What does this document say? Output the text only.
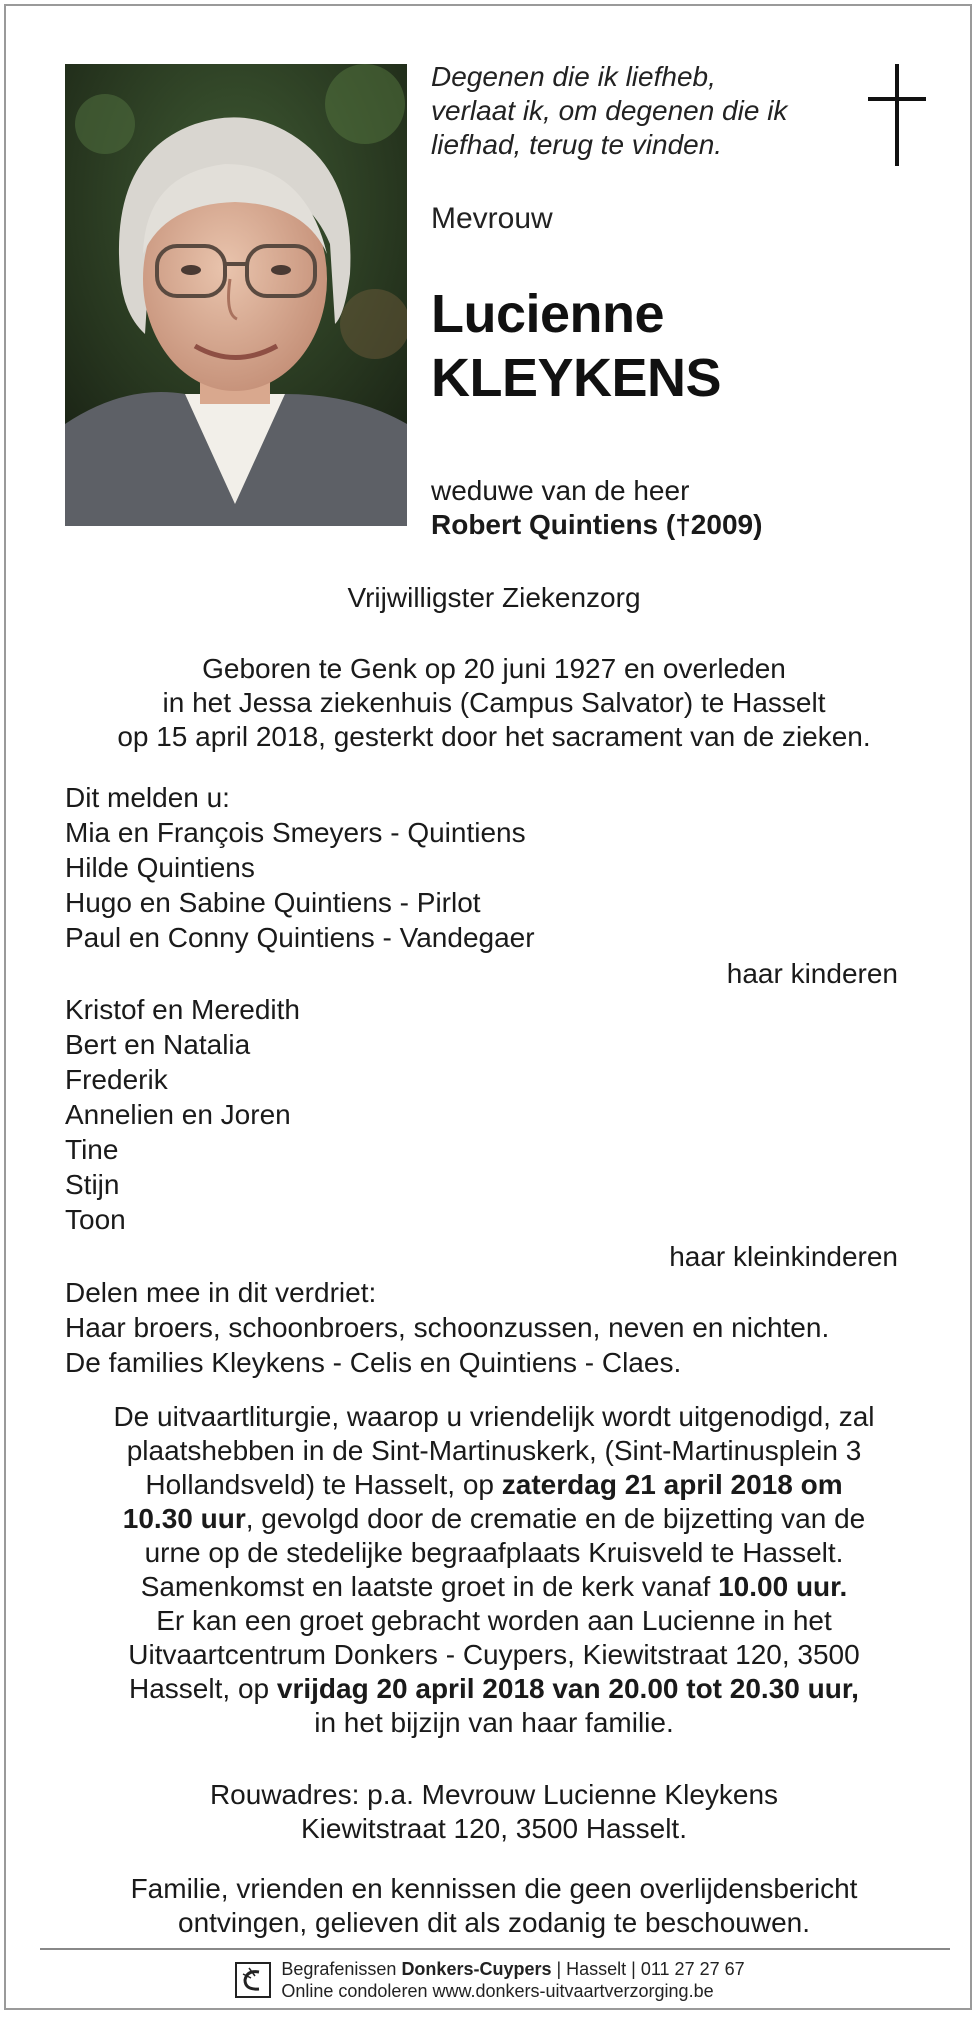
Degenen die ik liefheb,
verlaat ik, om degenen die ik
liefhad, terug te vinden.
Mevrouw
Lucienne
KLEYKENS
weduwe van de heer
Robert Quintiens (†2009)
Vrijwilligster Ziekenzorg
Geboren te Genk op 20 juni 1927 en overleden
in het Jessa ziekenhuis (Campus Salvator) te Hasselt
op 15 april 2018, gesterkt door het sacrament van de zieken.
Dit melden u:
Mia en François Smeyers - Quintiens
Hilde Quintiens
Hugo en Sabine Quintiens - Pirlot
Paul en Conny Quintiens - Vandegaer
haar kinderen
Kristof en Meredith
Bert en Natalia
Frederik
Annelien en Joren
Tine
Stijn
Toon
haar kleinkinderen
Delen mee in dit verdriet:
Haar broers, schoonbroers, schoonzussen, neven en nichten.
De families Kleykens - Celis en Quintiens - Claes.
De uitvaartliturgie, waarop u vriendelijk wordt uitgenodigd, zal
plaatshebben in de Sint-Martinuskerk, (Sint-Martinusplein 3
Hollandsveld) te Hasselt, op zaterdag 21 april 2018 om
10.30 uur, gevolgd door de crematie en de bijzetting van de
urne op de stedelijke begraafplaats Kruisveld te Hasselt.
Samenkomst en laatste groet in de kerk vanaf 10.00 uur.
Er kan een groet gebracht worden aan Lucienne in het
Uitvaartcentrum Donkers - Cuypers, Kiewitstraat 120, 3500
Hasselt, op vrijdag 20 april 2018 van 20.00 tot 20.30 uur,
in het bijzijn van haar familie.
Rouwadres: p.a. Mevrouw Lucienne Kleykens
Kiewitstraat 120, 3500 Hasselt.
Familie, vrienden en kennissen die geen overlijdensbericht
ontvingen, gelieven dit als zodanig te beschouwen.
Begrafenissen Donkers-Cuypers | Hasselt | 011 27 27 67
Online condoleren www.donkers-uitvaartverzorging.be
